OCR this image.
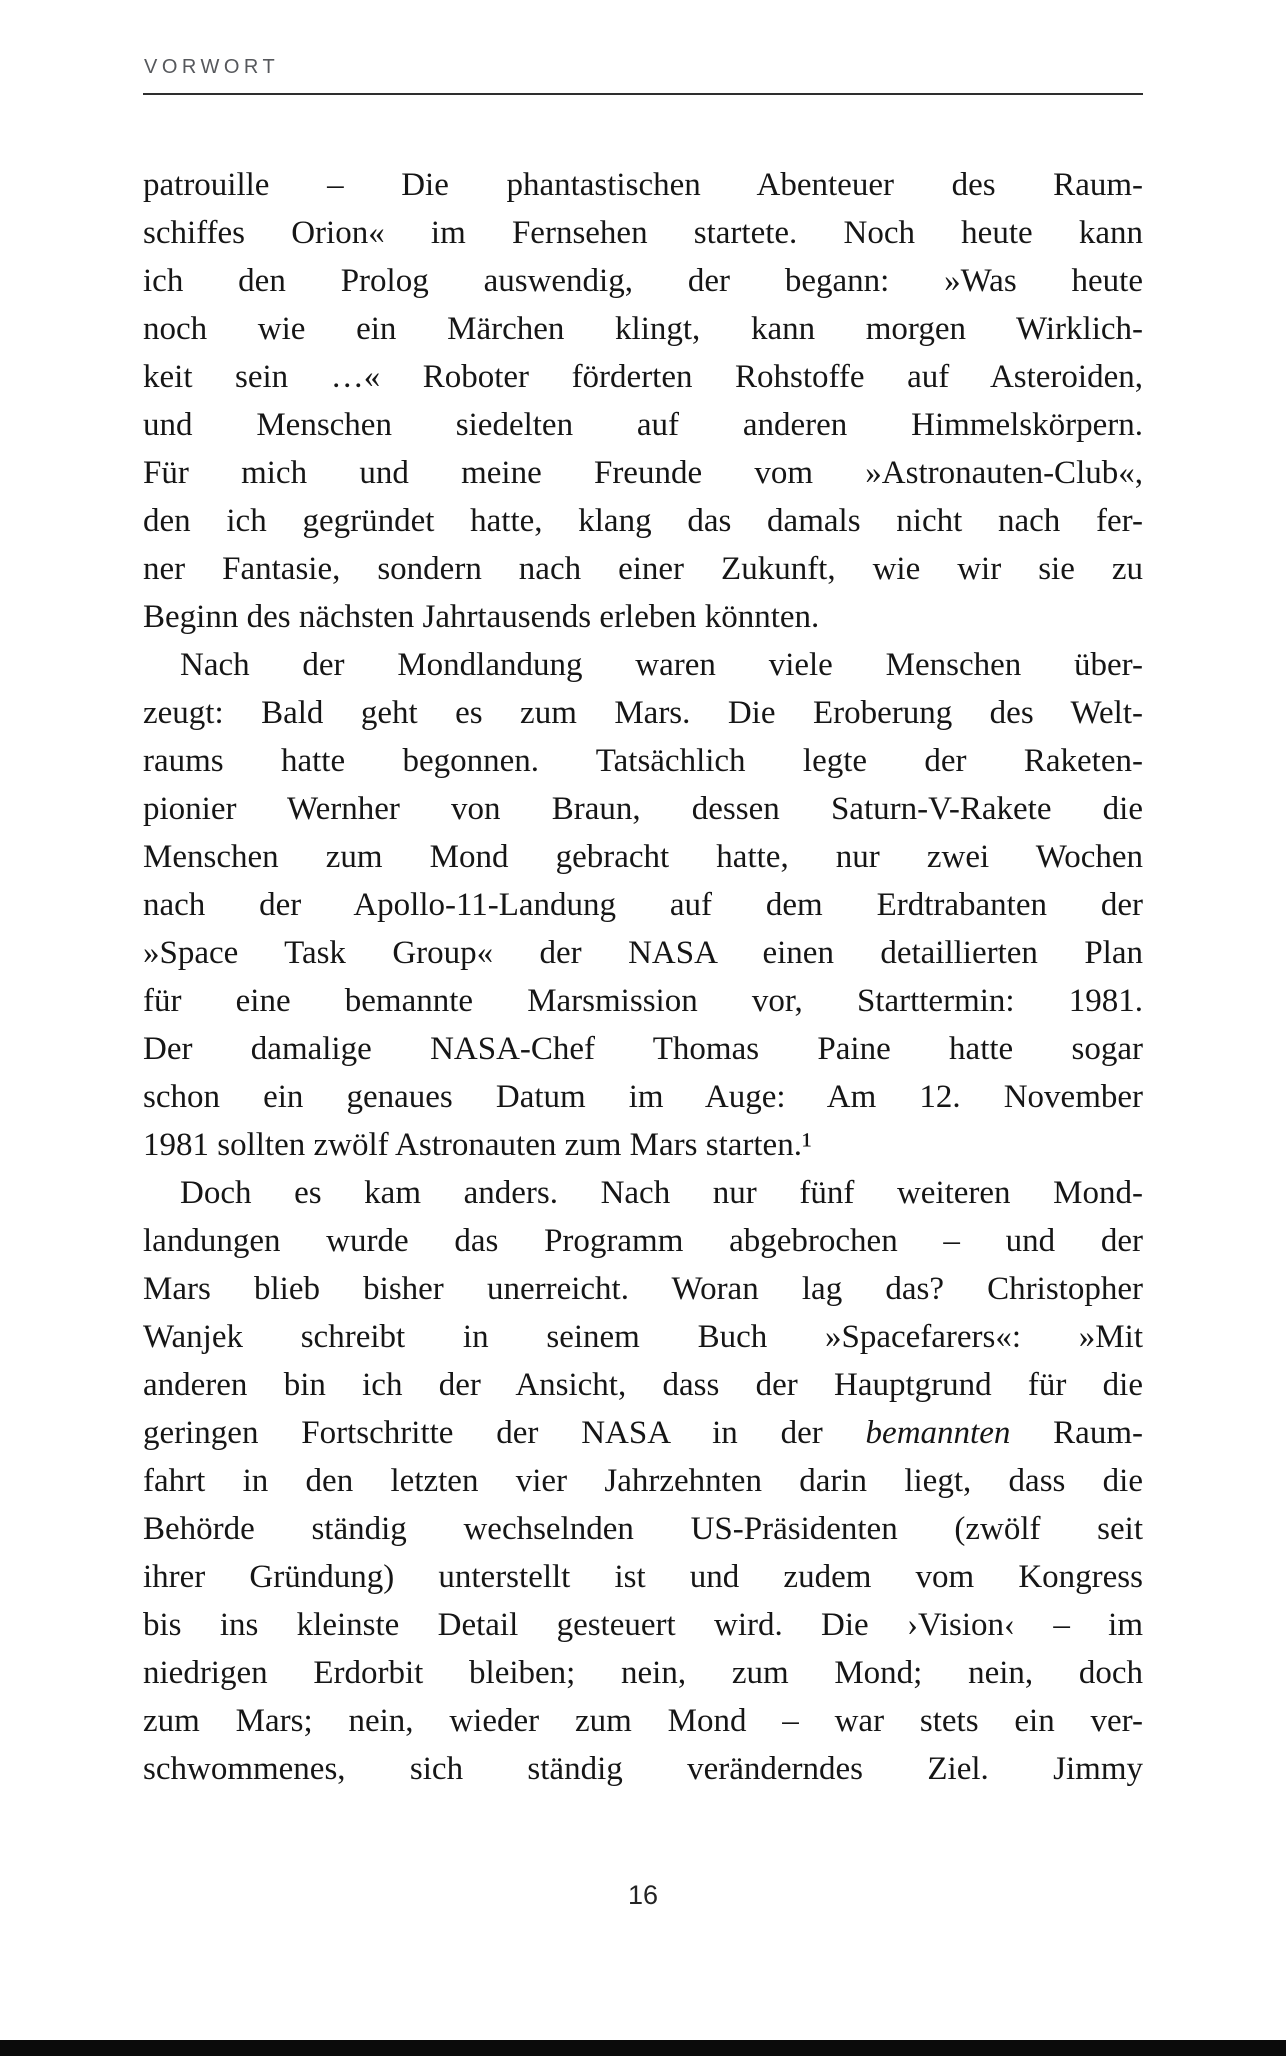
VORWORT
patrouille – Die phantastischen Abenteuer des Raum-
schiffes Orion« im Fernsehen startete. Noch heute kann
ich den Prolog auswendig, der begann: »Was heute
noch wie ein Märchen klingt, kann morgen Wirklich-
keit sein …« Roboter förderten Rohstoffe auf Asteroiden,
und Menschen siedelten auf anderen Himmelskörpern.
Für mich und meine Freunde vom »Astronauten-Club«,
den ich gegründet hatte, klang das damals nicht nach fer-
ner Fantasie, sondern nach einer Zukunft, wie wir sie zu
Beginn des nächsten Jahrtausends erleben könnten.
Nach der Mondlandung waren viele Menschen über-
zeugt: Bald geht es zum Mars. Die Eroberung des Welt-
raums hatte begonnen. Tatsächlich legte der Raketen-
pionier Wernher von Braun, dessen Saturn-V-Rakete die
Menschen zum Mond gebracht hatte, nur zwei Wochen
nach der Apollo-11-Landung auf dem Erdtrabanten der
»Space Task Group« der NASA einen detaillierten Plan
für eine bemannte Marsmission vor, Starttermin: 1981.
Der damalige NASA-Chef Thomas Paine hatte sogar
schon ein genaues Datum im Auge: Am 12. November
1981 sollten zwölf Astronauten zum Mars starten.¹
Doch es kam anders. Nach nur fünf weiteren Mond-
landungen wurde das Programm abgebrochen – und der
Mars blieb bisher unerreicht. Woran lag das? Christopher
Wanjek schreibt in seinem Buch »Spacefarers«: »Mit
anderen bin ich der Ansicht, dass der Hauptgrund für die
geringen Fortschritte der NASA in der bemannten Raum-
fahrt in den letzten vier Jahrzehnten darin liegt, dass die
Behörde ständig wechselnden US-Präsidenten (zwölf seit
ihrer Gründung) unterstellt ist und zudem vom Kongress
bis ins kleinste Detail gesteuert wird. Die ›Vision‹ – im
niedrigen Erdorbit bleiben; nein, zum Mond; nein, doch
zum Mars; nein, wieder zum Mond – war stets ein ver-
schwommenes, sich ständig veränderndes Ziel. Jimmy
16
